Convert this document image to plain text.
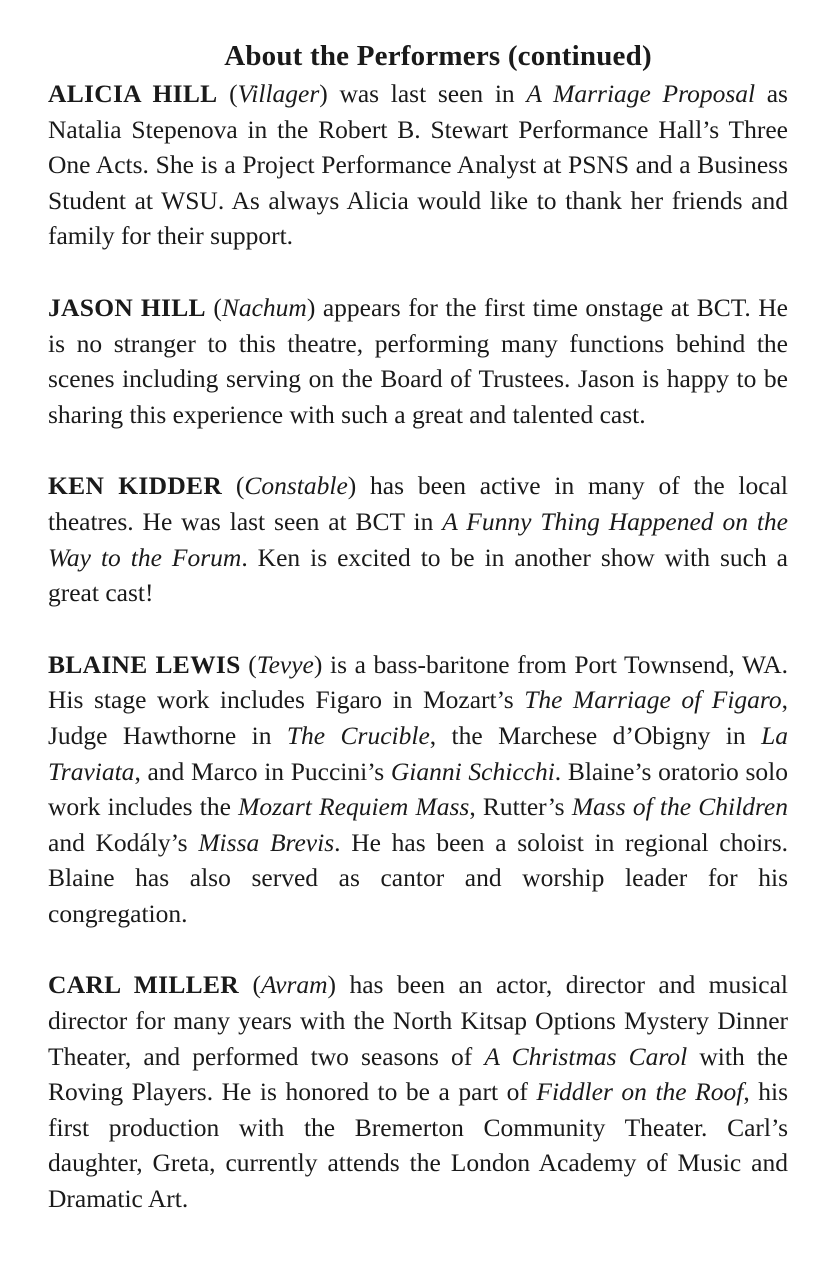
About the Performers (continued)

ALICIA HILL (Villager) was last seen in A Marriage Proposal as Natalia Stepenova in the Robert B. Stewart Performance Hall’s Three One Acts. She is a Project Performance Analyst at PSNS and a Business Student at WSU. As always Alicia would like to thank her friends and family for their support.

JASON HILL (Nachum) appears for the first time onstage at BCT. He is no stranger to this theatre, performing many functions behind the scenes including serving on the Board of Trustees. Jason is happy to be sharing this experience with such a great and talented cast.

KEN KIDDER (Constable) has been active in many of the local theatres. He was last seen at BCT in A Funny Thing Happened on the Way to the Forum. Ken is excited to be in another show with such a great cast!

BLAINE LEWIS (Tevye) is a bass-baritone from Port Townsend, WA. His stage work includes Figaro in Mozart’s The Marriage of Figaro, Judge Hawthorne in The Crucible, the Marchese d’Obigny in La Traviata, and Marco in Puccini’s Gianni Schicchi. Blaine’s oratorio solo work includes the Mozart Requiem Mass, Rutter’s Mass of the Children and Kodály’s Missa Brevis. He has been a soloist in regional choirs. Blaine has also served as cantor and worship leader for his congregation.

CARL MILLER (Avram) has been an actor, director and musical director for many years with the North Kitsap Options Mystery Dinner Theater, and performed two seasons of A Christmas Carol with the Roving Players. He is honored to be a part of Fiddler on the Roof, his first production with the Bremerton Community Theater. Carl’s daughter, Greta, currently attends the London Academy of Music and Dramatic Art.
